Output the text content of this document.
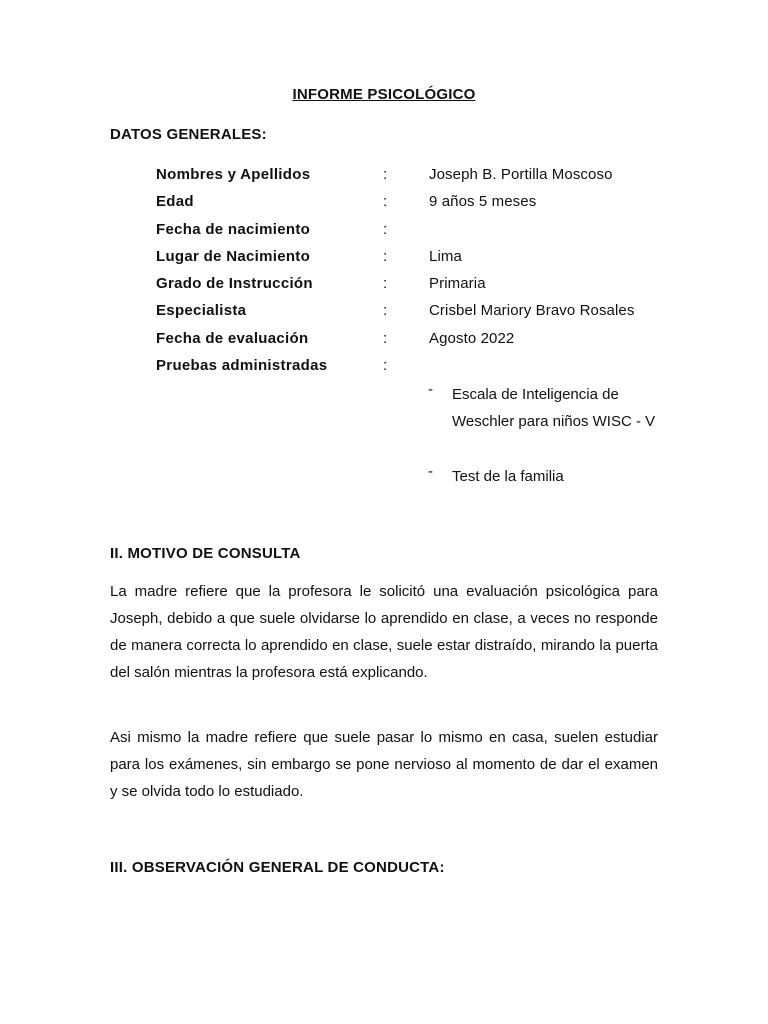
INFORME PSICOLÓGICO
DATOS GENERALES:
Nombres y Apellidos	:	Joseph B. Portilla Moscoso
Edad	:	9 años 5 meses
Fecha de nacimiento	:
Lugar de Nacimiento	:	Lima
Grado de Instrucción	:	Primaria
Especialista	:	Crisbel Mariory Bravo Rosales
Fecha de evaluación	:	Agosto 2022
Pruebas administradas	:
- Escala de Inteligencia de Weschler para niños WISC - V
- Test de la familia
II. MOTIVO DE CONSULTA
La madre refiere que la profesora le solicitó una evaluación psicológica para Joseph, debido a que suele olvidarse lo aprendido en clase, a veces no responde de manera correcta lo aprendido en clase, suele estar distraído, mirando la puerta del salón mientras la profesora está explicando.
Asi mismo la madre refiere que suele pasar lo mismo en casa, suelen estudiar para los exámenes, sin embargo se pone nervioso al momento de dar el examen y se olvida todo lo estudiado.
III. OBSERVACIÓN GENERAL DE CONDUCTA:
